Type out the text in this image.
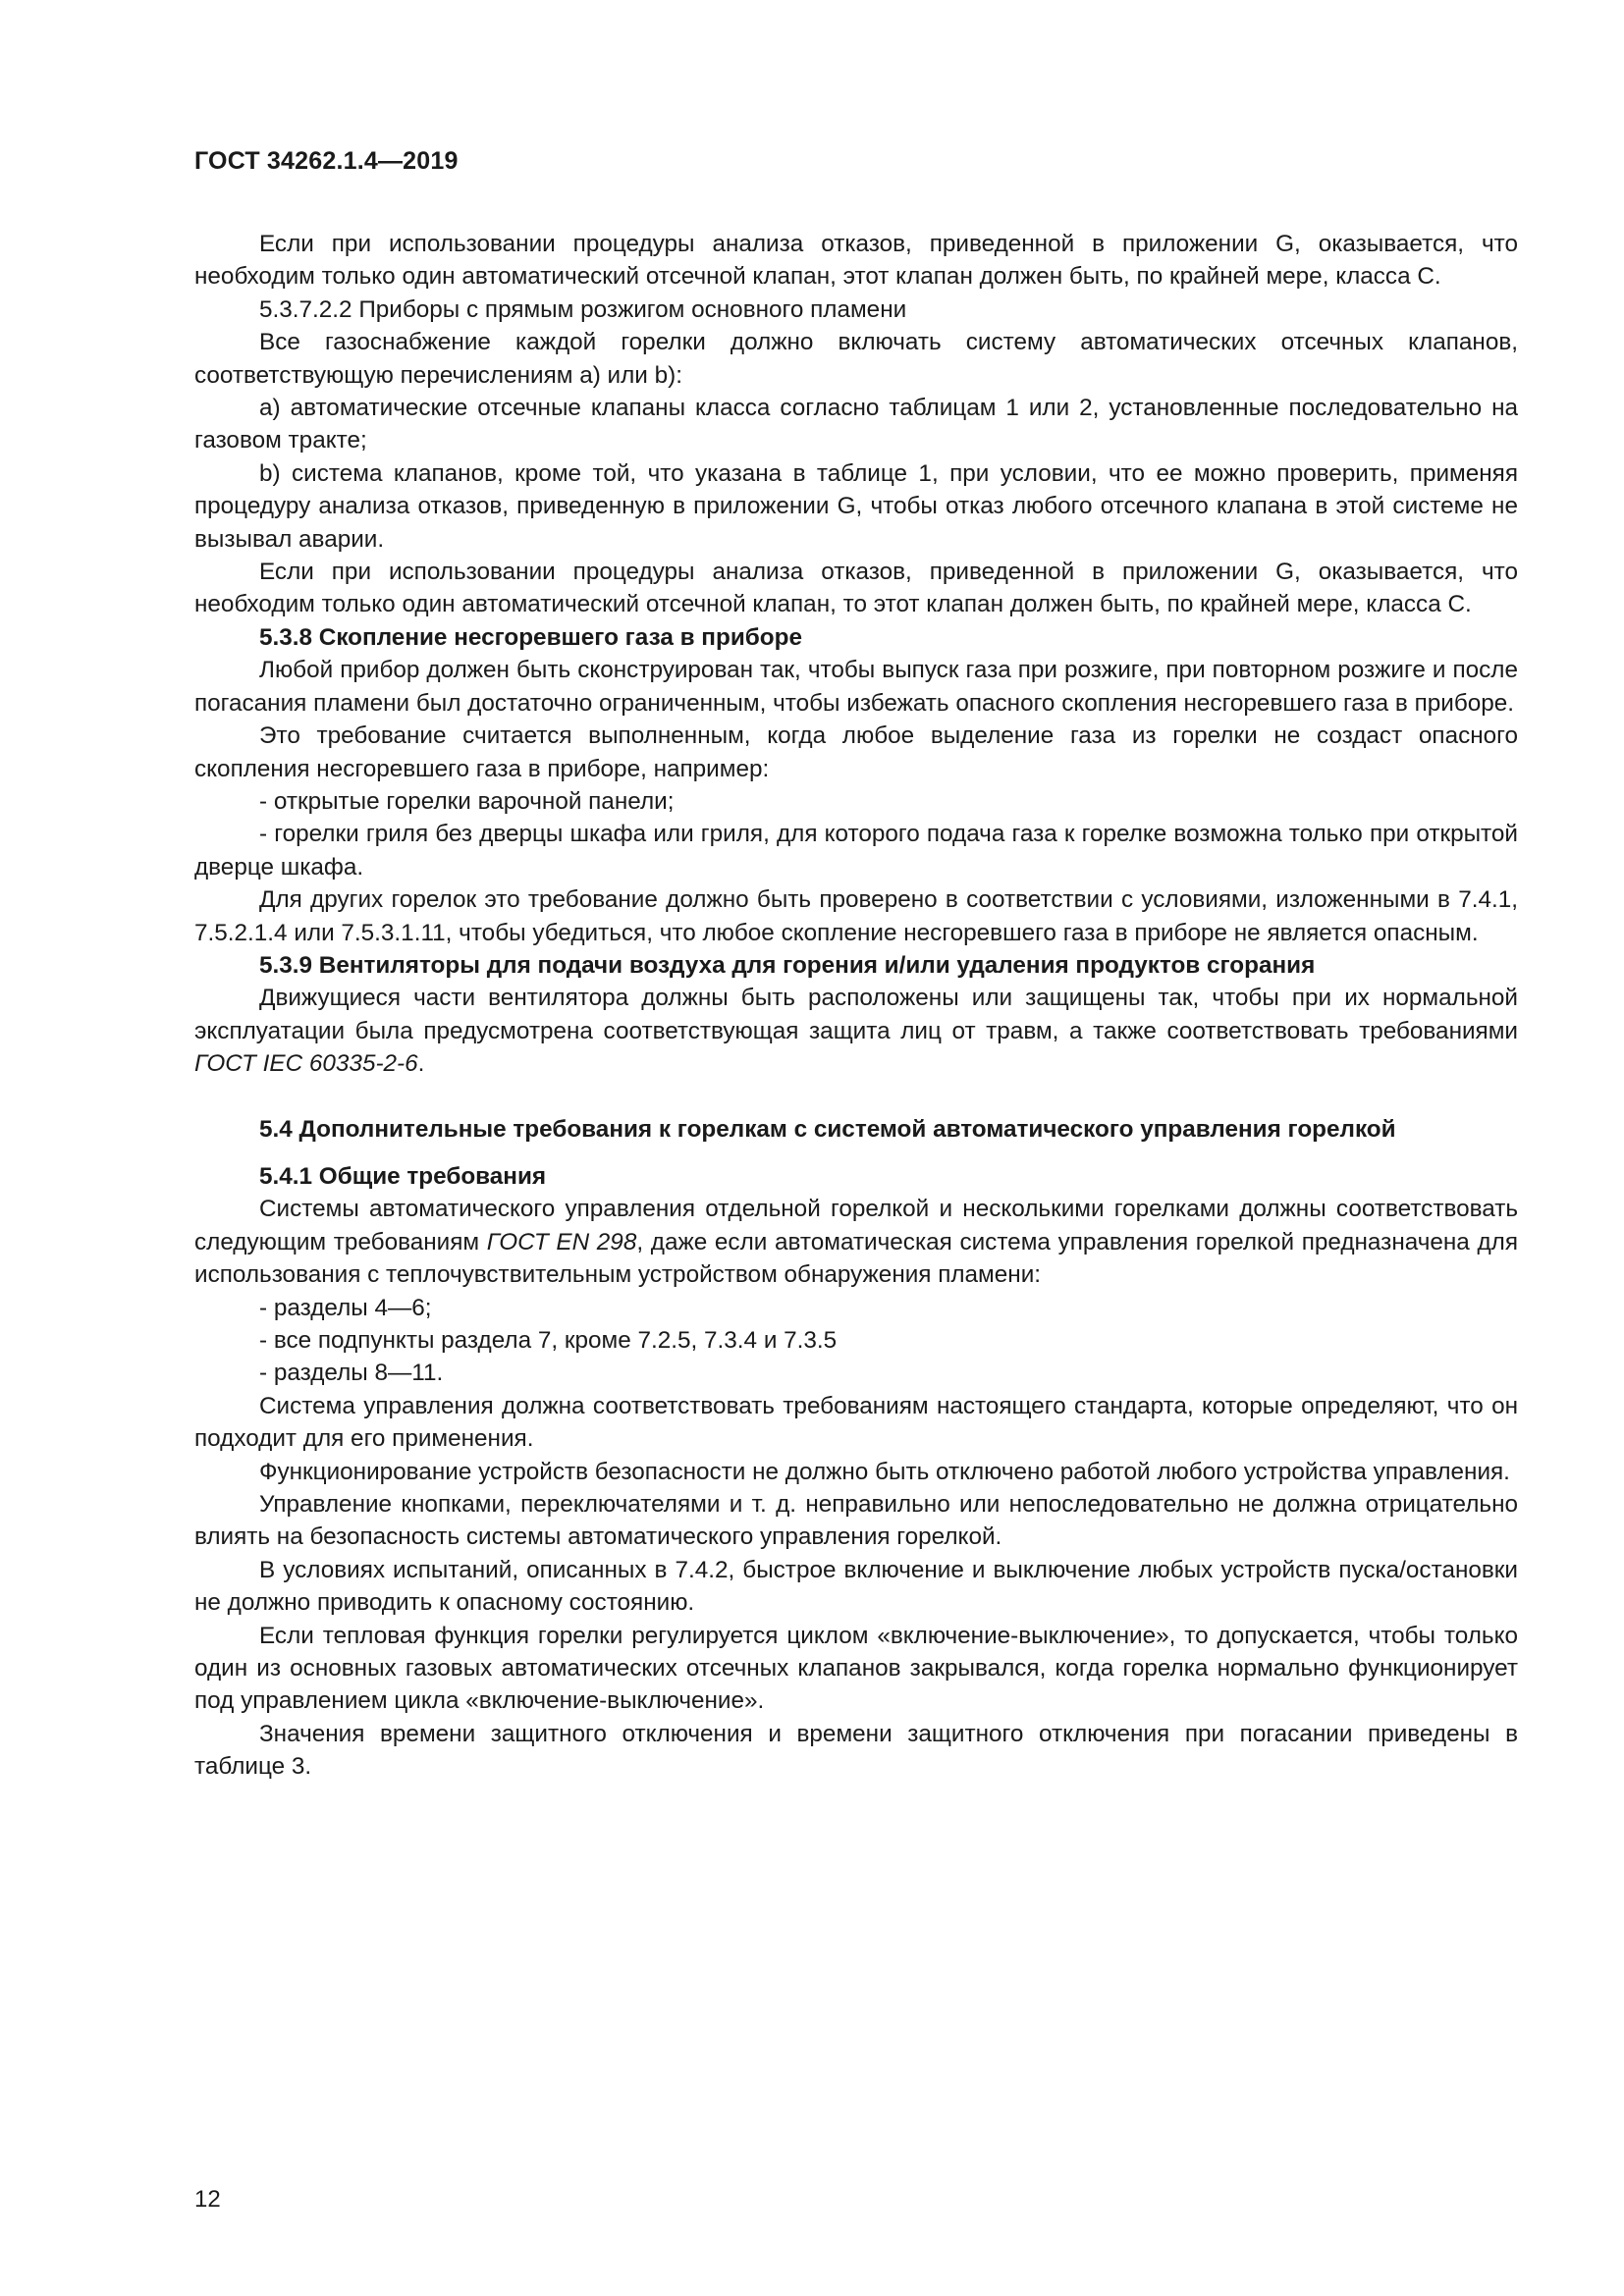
ГОСТ 34262.1.4—2019

Если при использовании процедуры анализа отказов, приведенной в приложении G, оказывается, что необходим только один автоматический отсечной клапан, этот клапан должен быть, по крайней мере, класса С.

5.3.7.2.2 Приборы с прямым розжигом основного пламени

Все газоснабжение каждой горелки должно включать систему автоматических отсечных клапанов, соответствующую перечислениям а) или b):

а) автоматические отсечные клапаны класса согласно таблицам 1 или 2, установленные последовательно на газовом тракте;

b) система клапанов, кроме той, что указана в таблице 1, при условии, что ее можно проверить, применяя процедуру анализа отказов, приведенную в приложении G, чтобы отказ любого отсечного клапана в этой системе не вызывал аварии.

Если при использовании процедуры анализа отказов, приведенной в приложении G, оказывается, что необходим только один автоматический отсечной клапан, то этот клапан должен быть, по крайней мере, класса С.

5.3.8 Скопление несгоревшего газа в приборе

Любой прибор должен быть сконструирован так, чтобы выпуск газа при розжиге, при повторном розжиге и после погасания пламени был достаточно ограниченным, чтобы избежать опасного скопления несгоревшего газа в приборе.

Это требование считается выполненным, когда любое выделение газа из горелки не создаст опасного скопления несгоревшего газа в приборе, например:

- открытые горелки варочной панели;

- горелки гриля без дверцы шкафа или гриля, для которого подача газа к горелке возможна только при открытой дверце шкафа.

Для других горелок это требование должно быть проверено в соответствии с условиями, изложенными в 7.4.1, 7.5.2.1.4 или 7.5.3.1.11, чтобы убедиться, что любое скопление несгоревшего газа в приборе не является опасным.

5.3.9 Вентиляторы для подачи воздуха для горения и/или удаления продуктов сгорания

Движущиеся части вентилятора должны быть расположены или защищены так, чтобы при их нормальной эксплуатации была предусмотрена соответствующая защита лиц от травм, а также соответствовать требованиями ГОСТ IEC 60335-2-6.

5.4 Дополнительные требования к горелкам с системой автоматического управления горелкой

5.4.1 Общие требования

Системы автоматического управления отдельной горелкой и несколькими горелками должны соответствовать следующим требованиям ГОСТ EN 298, даже если автоматическая система управления горелкой предназначена для использования с теплочувствительным устройством обнаружения пламени:

- разделы 4—6;

- все подпункты раздела 7, кроме 7.2.5, 7.3.4 и 7.3.5

- разделы 8—11.

Система управления должна соответствовать требованиям настоящего стандарта, которые определяют, что он подходит для его применения.

Функционирование устройств безопасности не должно быть отключено работой любого устройства управления.

Управление кнопками, переключателями и т. д. неправильно или непоследовательно не должна отрицательно влиять на безопасность системы автоматического управления горелкой.

В условиях испытаний, описанных в 7.4.2, быстрое включение и выключение любых устройств пуска/остановки не должно приводить к опасному состоянию.

Если тепловая функция горелки регулируется циклом «включение-выключение», то допускается, чтобы только один из основных газовых автоматических отсечных клапанов закрывался, когда горелка нормально функционирует под управлением цикла «включение-выключение».

Значения времени защитного отключения и времени защитного отключения при погасании приведены в таблице 3.

12
